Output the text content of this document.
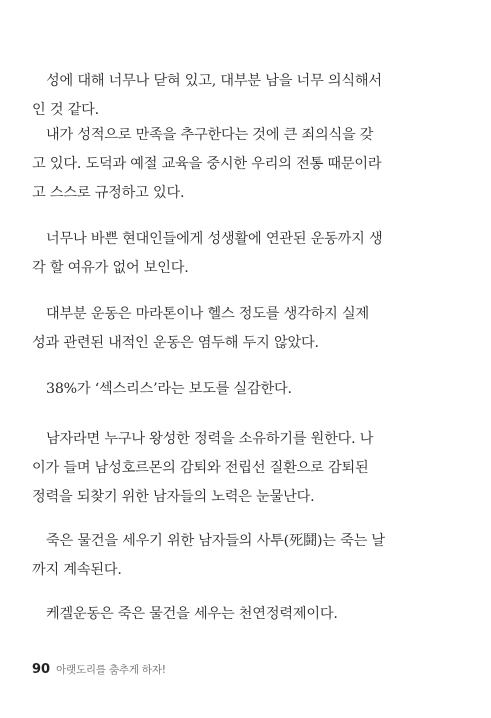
성에 대해 너무나 닫혀 있고, 대부분 남을 너무 의식해서
인 것 같다.
내가 성적으로 만족을 추구한다는 것에 큰 죄의식을 갖
고 있다. 도덕과 예절 교육을 중시한 우리의 전통 때문이라
고 스스로 규정하고 있다.
너무나 바쁜 현대인들에게 성생활에 연관된 운동까지 생
각 할 여유가 없어 보인다.
대부분 운동은 마라톤이나 헬스 정도를 생각하지 실제
성과 관련된 내적인 운동은 염두해 두지 않았다.
38%가 ‘섹스리스’라는 보도를 실감한다.
남자라면 누구나 왕성한 정력을 소유하기를 원한다. 나
이가 들며 남성호르몬의 감퇴와 전립선 질환으로 감퇴된
정력을 되찾기 위한 남자들의 노력은 눈물난다.
죽은 물건을 세우기 위한 남자들의 사투(死鬪)는 죽는 날
까지 계속된다.
케겔운동은 죽은 물건을 세우는 천연정력제이다.
90 아랫도리를 춤추게 하자!
